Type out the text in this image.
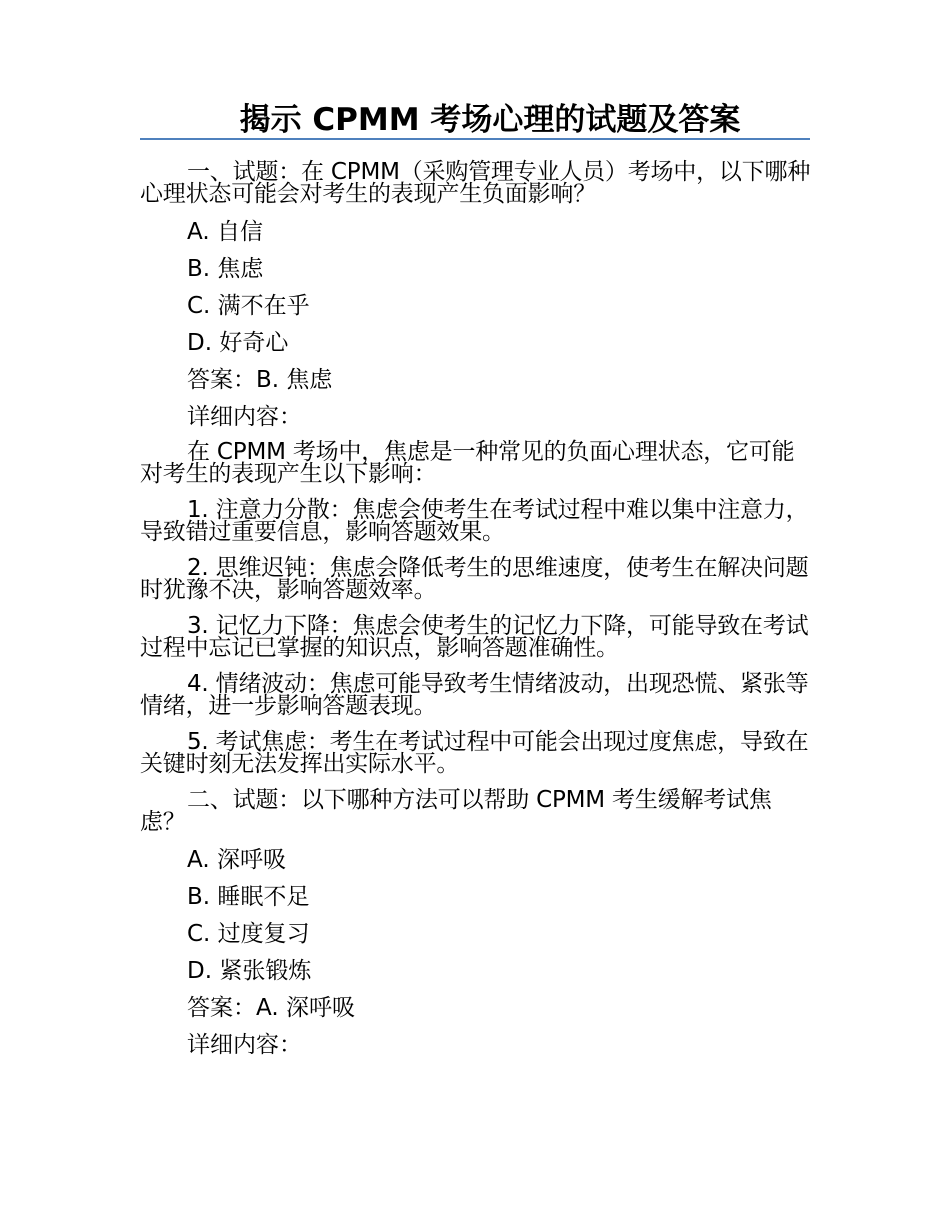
揭示 CPMM 考场心理的试题及答案

一、试题：在 CPMM（采购管理专业人员）考场中，以下哪种心理状态可能会对考生的表现产生负面影响？

A. 自信

B. 焦虑

C. 满不在乎

D. 好奇心

答案：B. 焦虑

详细内容：

在 CPMM 考场中，焦虑是一种常见的负面心理状态，它可能对考生的表现产生以下影响：

1. 注意力分散：焦虑会使考生在考试过程中难以集中注意力，导致错过重要信息，影响答题效果。

2. 思维迟钝：焦虑会降低考生的思维速度，使考生在解决问题时犹豫不决，影响答题效率。

3. 记忆力下降：焦虑会使考生的记忆力下降，可能导致在考试过程中忘记已掌握的知识点，影响答题准确性。

4. 情绪波动：焦虑可能导致考生情绪波动，出现恐慌、紧张等情绪，进一步影响答题表现。

5. 考试焦虑：考生在考试过程中可能会出现过度焦虑，导致在关键时刻无法发挥出实际水平。

二、试题：以下哪种方法可以帮助 CPMM 考生缓解考试焦虑？

A. 深呼吸

B. 睡眠不足

C. 过度复习

D. 紧张锻炼

答案：A. 深呼吸

详细内容：
